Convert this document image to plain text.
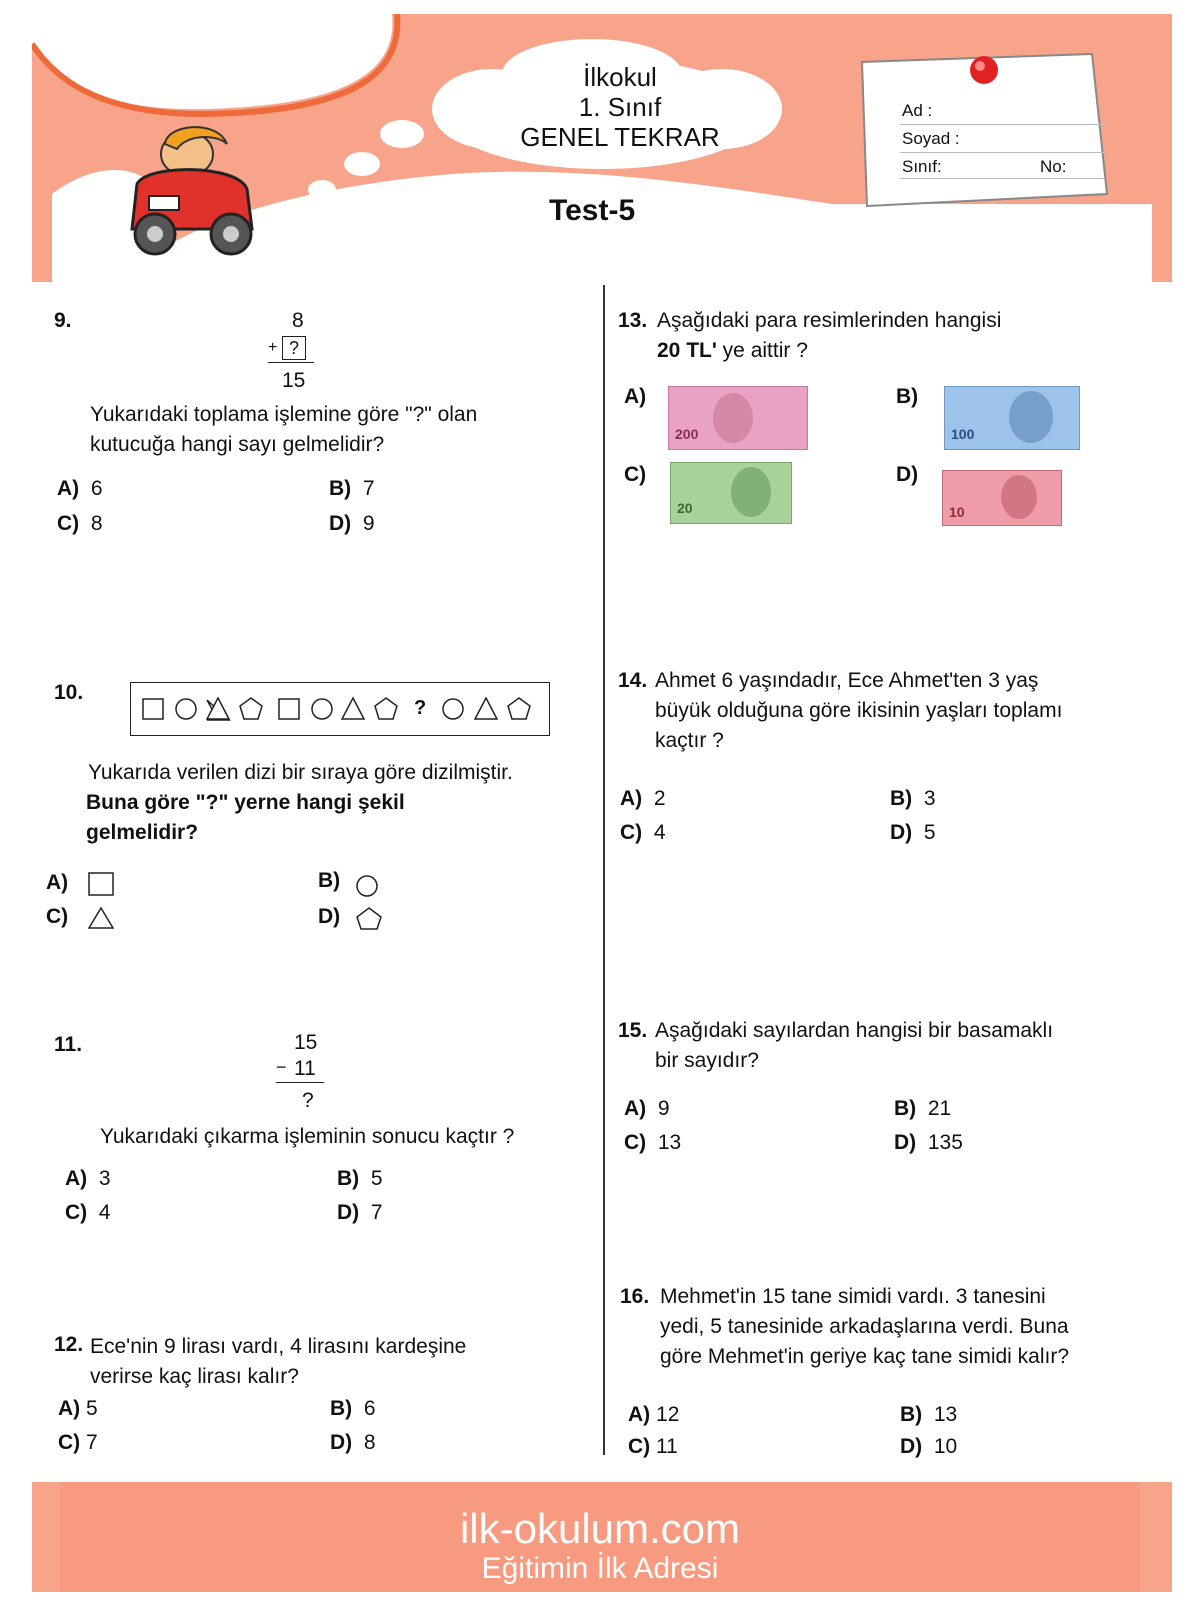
ilk-okulum.com
Eğitimin İlk Adresi	İlkokul
1. Sınıf
GENEL TEKRAR
Test-5
Ad :
Soyad :
Sınıf:	No:
9.	8
+ ?
15
Yukarıdaki toplama işlemine göre "?" olan
kutucuğa hangi sayı gelmelidir?
A) 6	B) 7
C) 8	D) 9
10.
?
Yukarıda verilen dizi bir sıraya göre dizilmiştir.
Buna göre "?" yerne hangi şekil
gelmelidir?
A)	B)
C)	D)
11.	15
− 11
?
Yukarıdaki çıkarma işleminin sonucu kaçtır ?
A) 3	B) 5
C) 4	D) 7
12. Ece'nin 9 lirası vardı, 4 lirasını kardeşine
verirse kaç lirası kalır?
A) 5	B) 6
C) 7	D) 8
13. Aşağıdaki para resimlerinden hangisi
20 TL' ye aittir ?
A)
200
B)
100
C)
20
D)
10
14. Ahmet 6 yaşındadır, Ece Ahmet'ten 3 yaş
büyük olduğuna göre ikisinin yaşları toplamı
kaçtır ?
A) 2	B) 3
C) 4	D) 5
15. Aşağıdaki sayılardan hangisi bir basamaklı
bir sayıdır?
A) 9	B) 21
C) 13	D) 135
16. Mehmet'in 15 tane simidi vardı. 3 tanesini
yedi, 5 tanesinide arkadaşlarına verdi. Buna
göre Mehmet'in geriye kaç tane simidi kalır?
A) 12	B) 13
C) 11	D) 10
ilk-okulum.com
Eğitimin İlk Adresi
